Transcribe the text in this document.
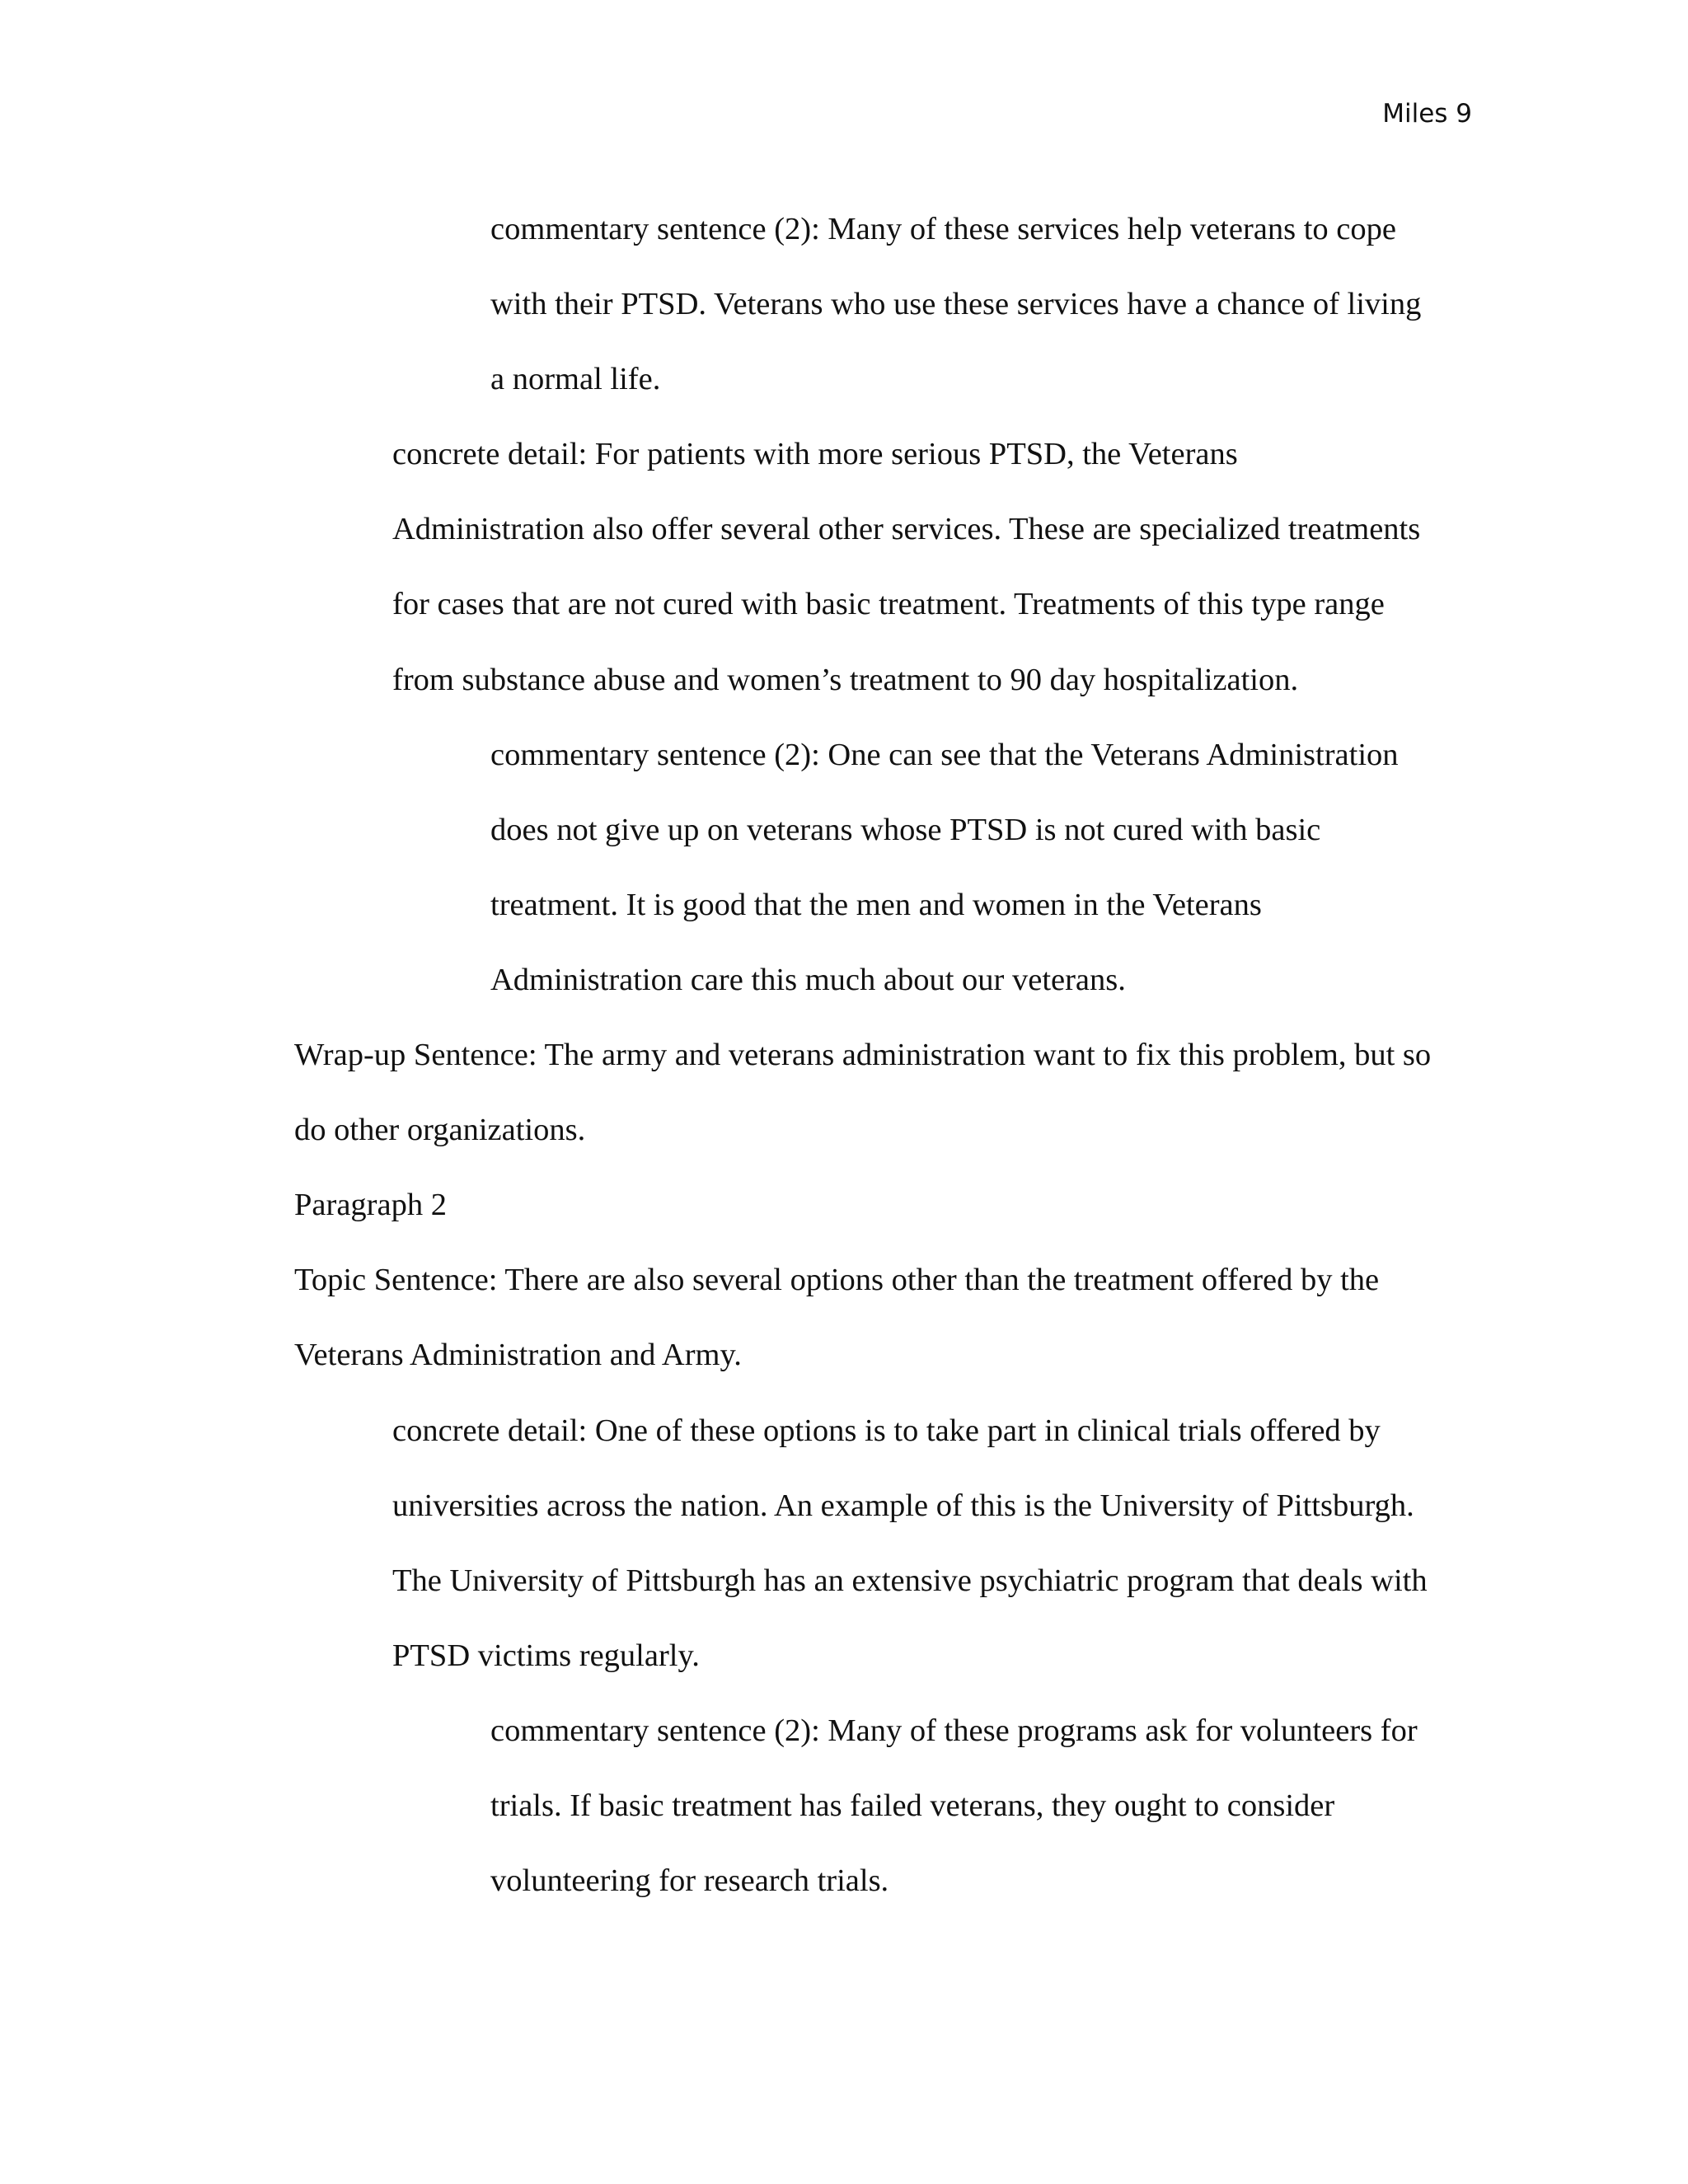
Miles 9
commentary sentence (2): Many of these services help veterans to cope
with their PTSD. Veterans who use these services have a chance of living
a normal life.
concrete detail: For patients with more serious PTSD, the Veterans
Administration also offer several other services. These are specialized treatments
for cases that are not cured with basic treatment. Treatments of this type range
from substance abuse and women’s treatment to 90 day hospitalization.
commentary sentence (2): One can see that the Veterans Administration
does not give up on veterans whose PTSD is not cured with basic
treatment. It is good that the men and women in the Veterans
Administration care this much about our veterans.
Wrap-up Sentence: The army and veterans administration want to fix this problem, but so
do other organizations.
Paragraph 2
Topic Sentence: There are also several options other than the treatment offered by the
Veterans Administration and Army.
concrete detail: One of these options is to take part in clinical trials offered by
universities across the nation. An example of this is the University of Pittsburgh.
The University of Pittsburgh has an extensive psychiatric program that deals with
PTSD victims regularly.
commentary sentence (2): Many of these programs ask for volunteers for
trials. If basic treatment has failed veterans, they ought to consider
volunteering for research trials.
